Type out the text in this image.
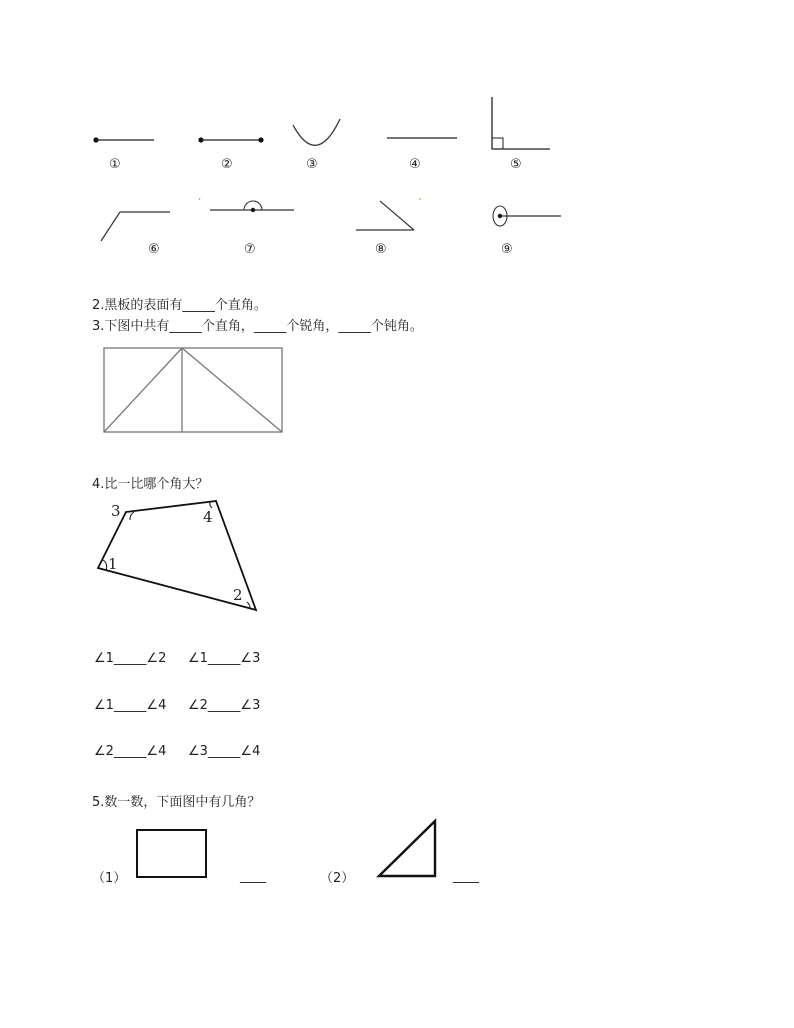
①	②	③	④	⑤
⑥	⑦	⑧	⑨
2.黑板的表面有_____个直角。
3.下图中共有_____个直角，_____个锐角，_____个钝角。
4.比一比哪个角大？
1
2
3	4
∠1_____∠2 ∠1_____∠3
∠1_____∠4 ∠2_____∠3
∠2_____∠4 ∠3_____∠4
5.数一数，下面图中有几角？
（1）	____	（2）	____
